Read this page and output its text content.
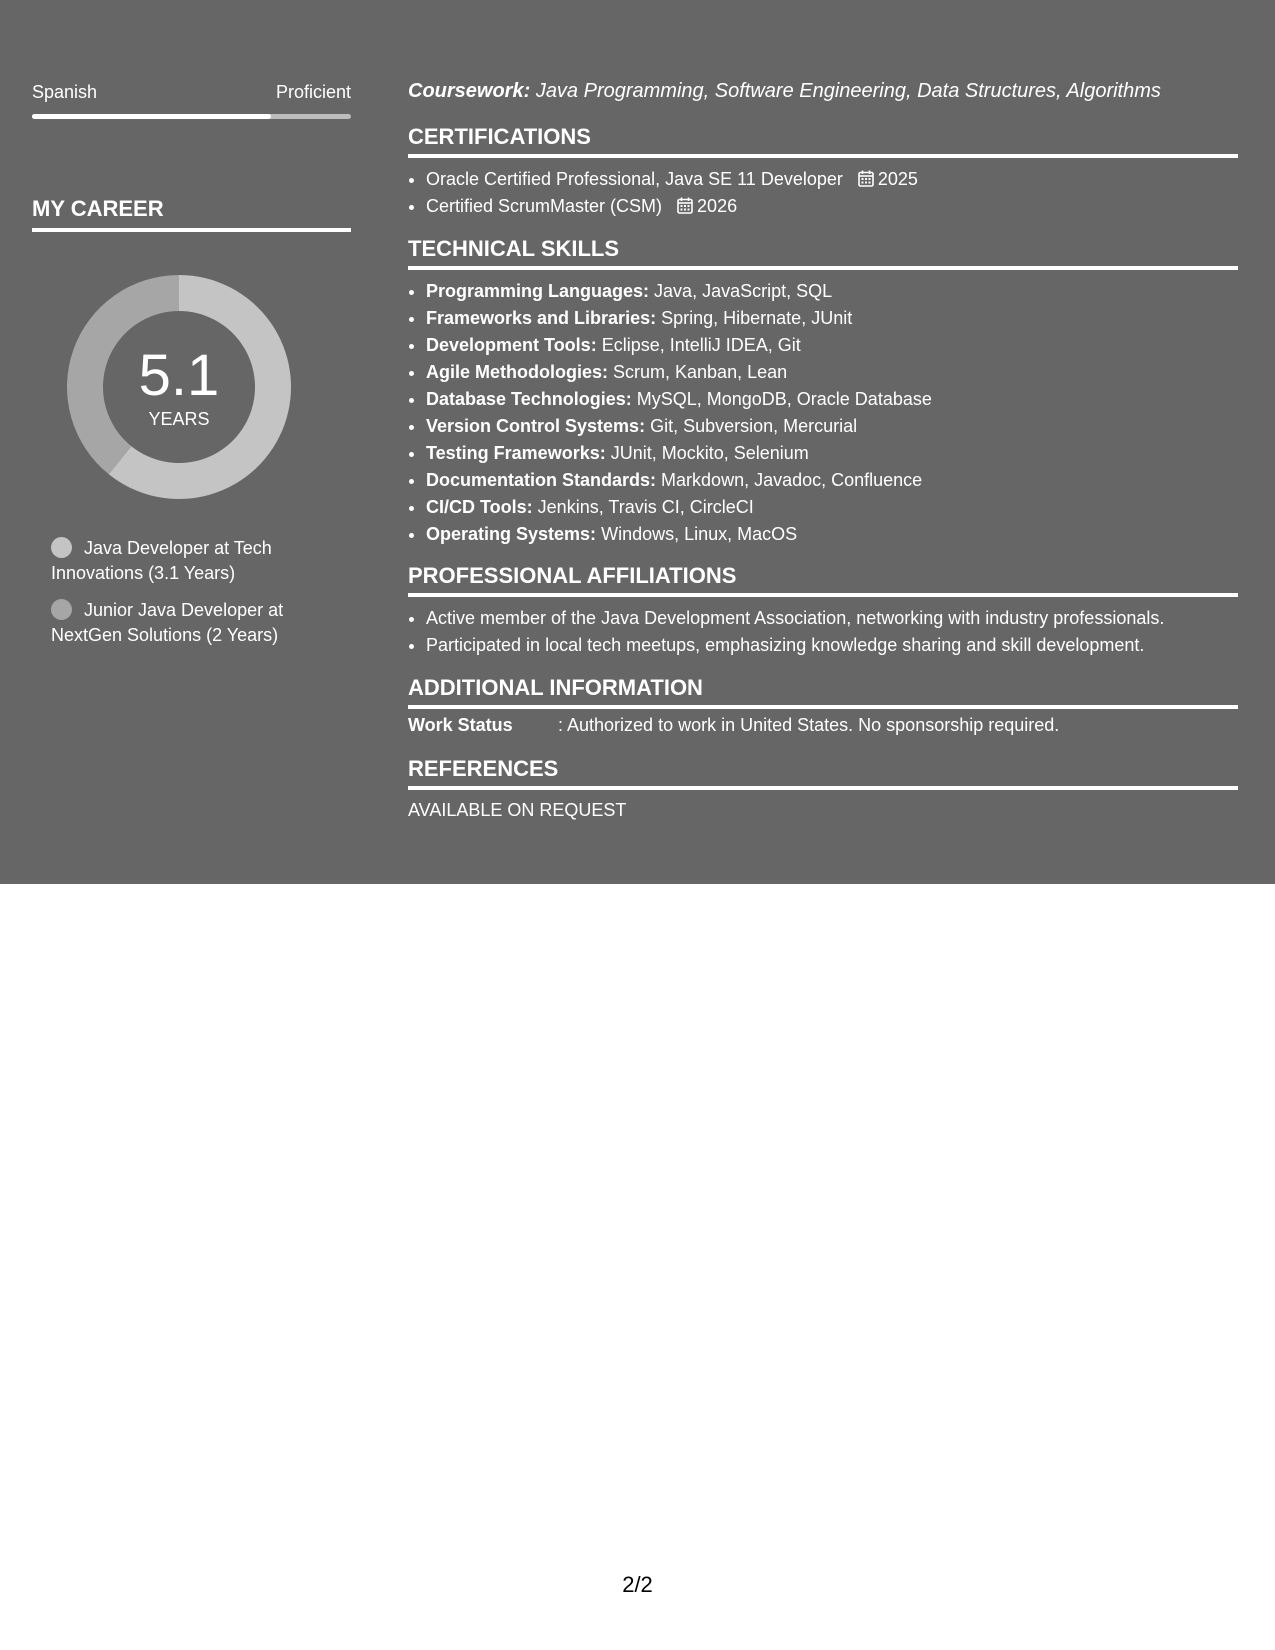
Spanish	Proficient
MY CAREER
5.1
YEARS
Java Developer at Tech Innovations (3.1 Years)
Junior Java Developer at NextGen Solutions (2 Years)
Coursework: Java Programming, Software Engineering, Data Structures, Algorithms
CERTIFICATIONS
• Oracle Certified Professional, Java SE 11 Developer 2025
• Certified ScrumMaster (CSM) 2026
TECHNICAL SKILLS
• Programming Languages: Java, JavaScript, SQL
• Frameworks and Libraries: Spring, Hibernate, JUnit
• Development Tools: Eclipse, IntelliJ IDEA, Git
• Agile Methodologies: Scrum, Kanban, Lean
• Database Technologies: MySQL, MongoDB, Oracle Database
• Version Control Systems: Git, Subversion, Mercurial
• Testing Frameworks: JUnit, Mockito, Selenium
• Documentation Standards: Markdown, Javadoc, Confluence
• CI/CD Tools: Jenkins, Travis CI, CircleCI
• Operating Systems: Windows, Linux, MacOS
PROFESSIONAL AFFILIATIONS
• Active member of the Java Development Association, networking with industry professionals.
• Participated in local tech meetups, emphasizing knowledge sharing and skill development.
ADDITIONAL INFORMATION
Work Status	: Authorized to work in United States. No sponsorship required.
REFERENCES
AVAILABLE ON REQUEST
2/2
